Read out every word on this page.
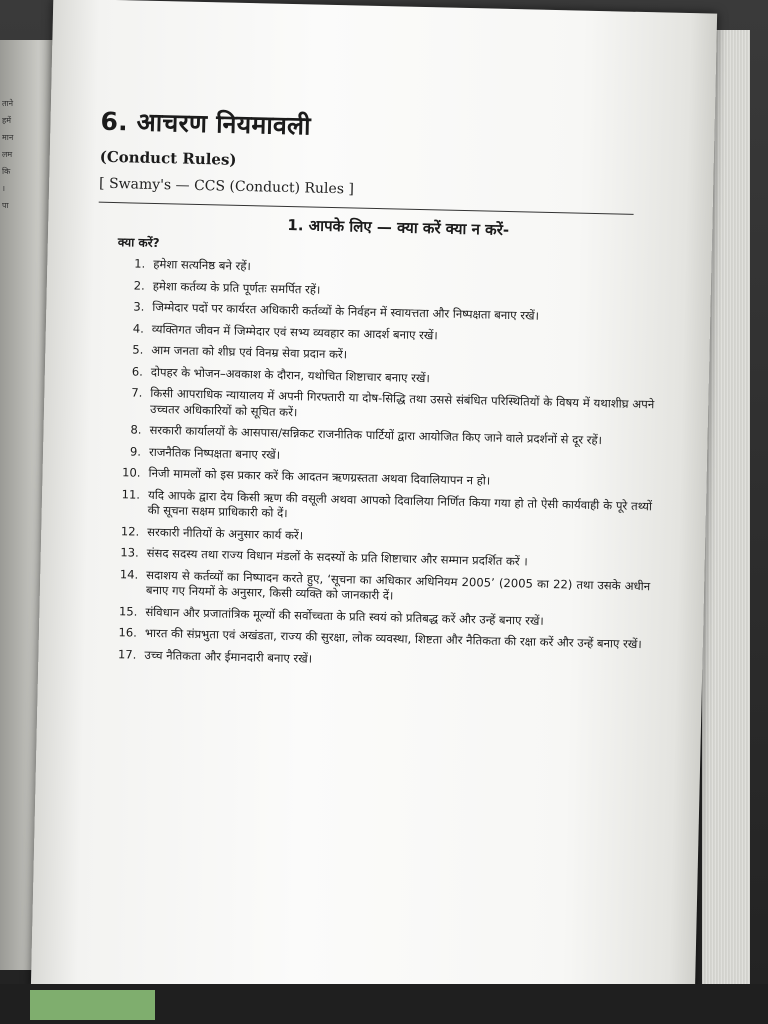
ताने
हमें
मान
लम
कि
।
पा
6. आचरण नियमावली
(Conduct Rules)
[ Swamy's — CCS (Conduct) Rules ]
1. आपके लिए — क्या करें क्या न करें-
क्या करें?
1. हमेशा सत्यनिष्ठ बने रहें।
2. हमेशा कर्तव्य के प्रति पूर्णतः समर्पित रहें।
3. जिम्मेदार पदों पर कार्यरत अधिकारी कर्तव्यों के निर्वहन में स्वायत्तता और निष्पक्षता बनाए रखें।
4. व्यक्तिगत जीवन में जिम्मेदार एवं सभ्य व्यवहार का आदर्श बनाए रखें।
5. आम जनता को शीघ्र एवं विनम्र सेवा प्रदान करें।
6. दोपहर के भोजन–अवकाश के दौरान, यथोचित शिष्टाचार बनाए रखें।
7. किसी आपराधिक न्यायालय में अपनी गिरफ्तारी या दोष-सिद्धि तथा उससे संबंधित परिस्थितियों के विषय में यथाशीघ्र अपने उच्चतर अधिकारियों को सूचित करें।
8. सरकारी कार्यालयों के आसपास/सन्निकट राजनीतिक पार्टियों द्वारा आयोजित किए जाने वाले प्रदर्शनों से दूर रहें।
9. राजनैतिक निष्पक्षता बनाए रखें।
10. निजी मामलों को इस प्रकार करें कि आदतन ऋणग्रस्तता अथवा दिवालियापन न हो।
11. यदि आपके द्वारा देय किसी ऋण की वसूली अथवा आपको दिवालिया निर्णित किया गया हो तो ऐसी कार्यवाही के पूरे तथ्यों की सूचना सक्षम प्राधिकारी को दें।
12. सरकारी नीतियों के अनुसार कार्य करें।
13. संसद सदस्य तथा राज्य विधान मंडलों के सदस्यों के प्रति शिष्टाचार और सम्मान प्रदर्शित करें ।
14. सदाशय से कर्तव्यों का निष्पादन करते हुए, ‘सूचना का अधिकार अधिनियम 2005’ (2005 का 22) तथा उसके अधीन बनाए गए नियमों के अनुसार, किसी व्यक्ति को जानकारी दें।
15. संविधान और प्रजातांत्रिक मूल्यों की सर्वोच्चता के प्रति स्वयं को प्रतिबद्ध करें और उन्हें बनाए रखें।
16. भारत की संप्रभुता एवं अखंडता, राज्य की सुरक्षा, लोक व्यवस्था, शिष्टता और नैतिकता की रक्षा करें और उन्हें बनाए रखें।
17. उच्च नैतिकता और ईमानदारी बनाए रखें।
